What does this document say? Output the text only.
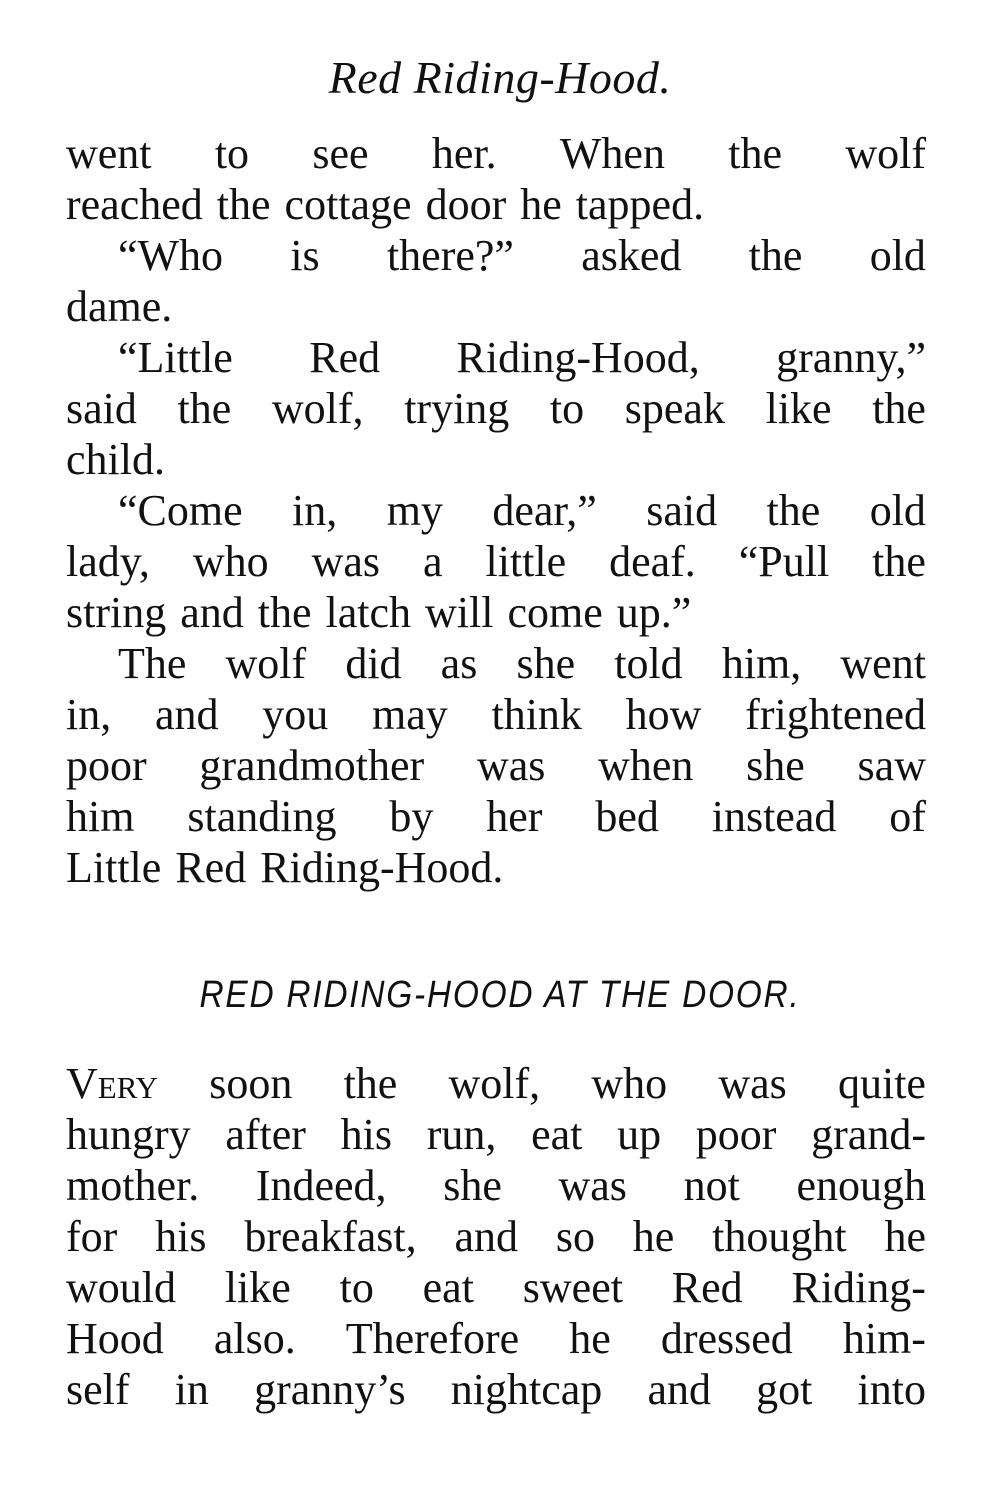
Red Riding-Hood.
went to see her. When the wolf
reached the cottage door he tapped.
“Who is there?” asked the old
dame.
“Little Red Riding-Hood, granny,”
said the wolf, trying to speak like the
child.
“Come in, my dear,” said the old
lady, who was a little deaf. “Pull the
string and the latch will come up.”
The wolf did as she told him, went
in, and you may think how frightened
poor grandmother was when she saw
him standing by her bed instead of
Little Red Riding-Hood.
RED RIDING-HOOD AT THE DOOR.
Very soon the wolf, who was quite
hungry after his run, eat up poor grand-
mother. Indeed, she was not enough
for his breakfast, and so he thought he
would like to eat sweet Red Riding-
Hood also. Therefore he dressed him-
self in granny’s nightcap and got into
